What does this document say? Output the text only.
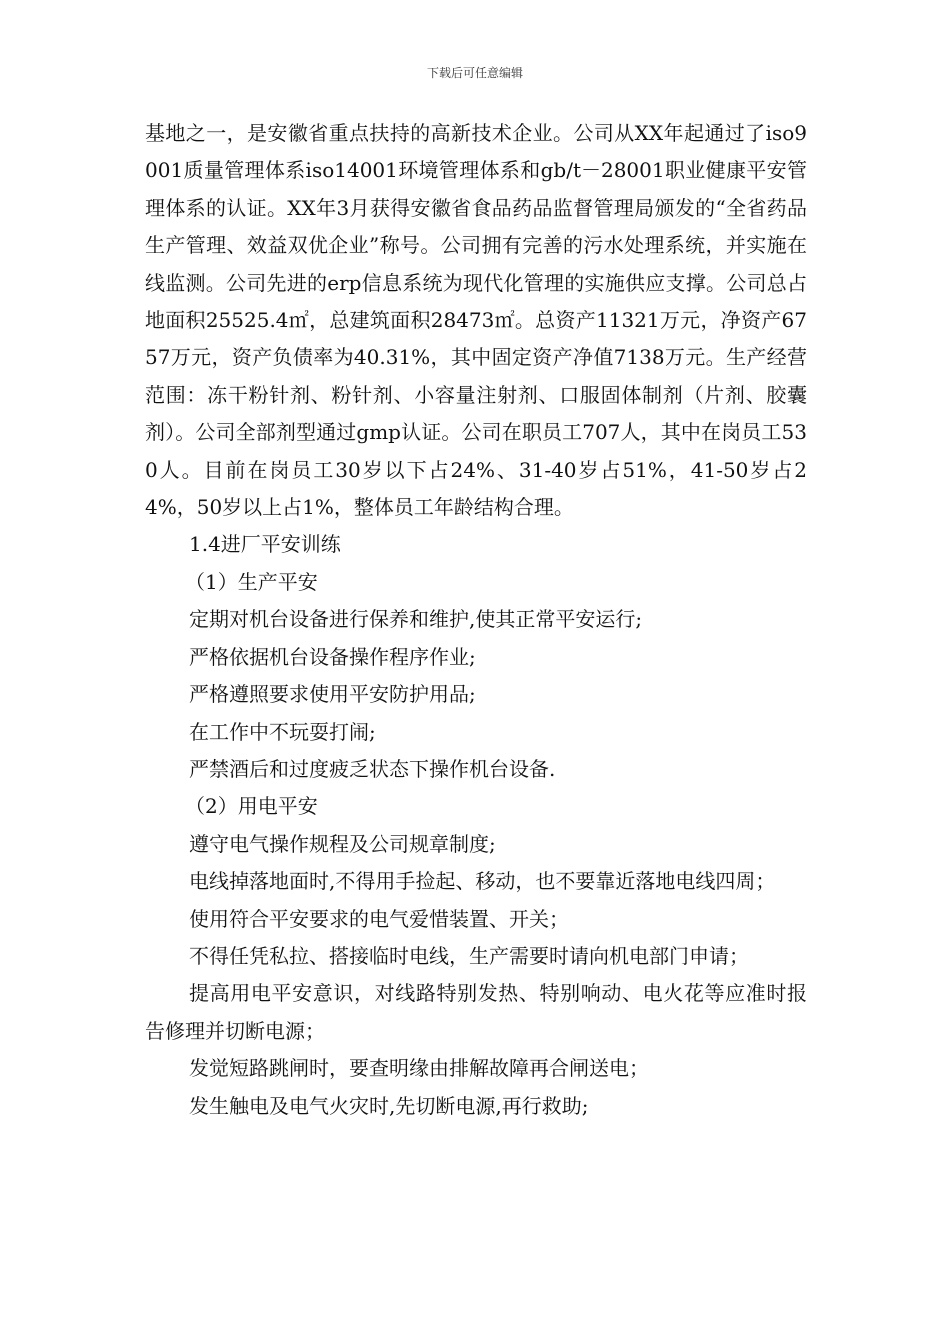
下载后可任意编辑

基地之一，是安徽省重点扶持的高新技术企业。公司从XX年起通过了iso9001质量管理体系iso14001环境管理体系和gb/t－28001职业健康平安管理体系的认证。XX年3月获得安徽省食品药品监督管理局颁发的“全省药品生产管理、效益双优企业”称号。公司拥有完善的污水处理系统，并实施在线监测。公司先进的erp信息系统为现代化管理的实施供应支撑。公司总占地面积25525.4㎡，总建筑面积28473㎡。总资产11321万元，净资产6757万元，资产负债率为40.31%，其中固定资产净值7138万元。生产经营范围：冻干粉针剂、粉针剂、小容量注射剂、口服固体制剂（片剂、胶囊剂）。公司全部剂型通过gmp认证。公司在职员工707人，其中在岗员工530人。目前在岗员工30岁以下占24%、31-40岁占51%，41-50岁占24%，50岁以上占1%，整体员工年龄结构合理。

1.4进厂平安训练

（1）生产平安

定期对机台设备进行保养和维护,使其正常平安运行;

严格依据机台设备操作程序作业;

严格遵照要求使用平安防护用品;

在工作中不玩耍打闹;

严禁酒后和过度疲乏状态下操作机台设备.

（2）用电平安

遵守电气操作规程及公司规章制度;

电线掉落地面时,不得用手捡起、移动，也不要靠近落地电线四周；

使用符合平安要求的电气爱惜装置、开关；

不得任凭私拉、搭接临时电线，生产需要时请向机电部门申请；

提高用电平安意识，对线路特别发热、特别响动、电火花等应准时报告修理并切断电源；

发觉短路跳闸时，要查明缘由排解故障再合闸送电；

发生触电及电气火灾时,先切断电源,再行救助;
